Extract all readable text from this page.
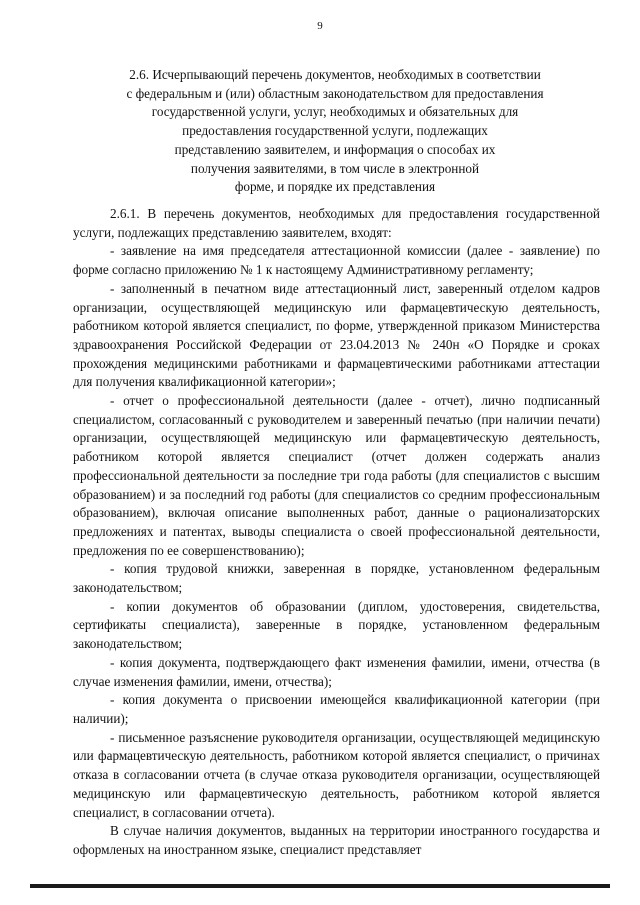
9
2.6. Исчерпывающий перечень документов, необходимых в соответствии
с федеральным и (или) областным законодательством для предоставления
государственной услуги, услуг, необходимых и обязательных для
предоставления государственной услуги, подлежащих
представлению заявителем, и информация о способах их
получения заявителями, в том числе в электронной
форме, и порядке их представления
2.6.1. В перечень документов, необходимых для предоставления государственной услуги, подлежащих представлению заявителем, входят:
- заявление на имя председателя аттестационной комиссии (далее - заявление) по форме согласно приложению № 1 к настоящему Административному регламенту;
- заполненный в печатном виде аттестационный лист, заверенный отделом кадров организации, осуществляющей медицинскую или фармацевтическую деятельность, работником которой является специалист, по форме, утвержденной приказом Министерства здравоохранения Российской Федерации от 23.04.2013 № 240н «О Порядке и сроках прохождения медицинскими работниками и фармацевтическими работниками аттестации для получения квалификационной категории»;
- отчет о профессиональной деятельности (далее - отчет), лично подписанный специалистом, согласованный с руководителем и заверенный печатью (при наличии печати) организации, осуществляющей медицинскую или фармацевтическую деятельность, работником которой является специалист (отчет должен содержать анализ профессиональной деятельности за последние три года работы (для специалистов с высшим образованием) и за последний год работы (для специалистов со средним профессиональным образованием), включая описание выполненных работ, данные о рационализаторских предложениях и патентах, выводы специалиста о своей профессиональной деятельности, предложения по ее совершенствованию);
- копия трудовой книжки, заверенная в порядке, установленном федеральным законодательством;
- копии документов об образовании (диплом, удостоверения, свидетельства, сертификаты специалиста), заверенные в порядке, установленном федеральным законодательством;
- копия документа, подтверждающего факт изменения фамилии, имени, отчества (в случае изменения фамилии, имени, отчества);
- копия документа о присвоении имеющейся квалификационной категории (при наличии);
- письменное разъяснение руководителя организации, осуществляющей медицинскую или фармацевтическую деятельность, работником которой является специалист, о причинах отказа в согласовании отчета (в случае отказа руководителя организации, осуществляющей медицинскую или фармацевтическую деятельность, работником которой является специалист, в согласовании отчета).
В случае наличия документов, выданных на территории иностранного государства и оформленых на иностранном языке, специалист представляет
